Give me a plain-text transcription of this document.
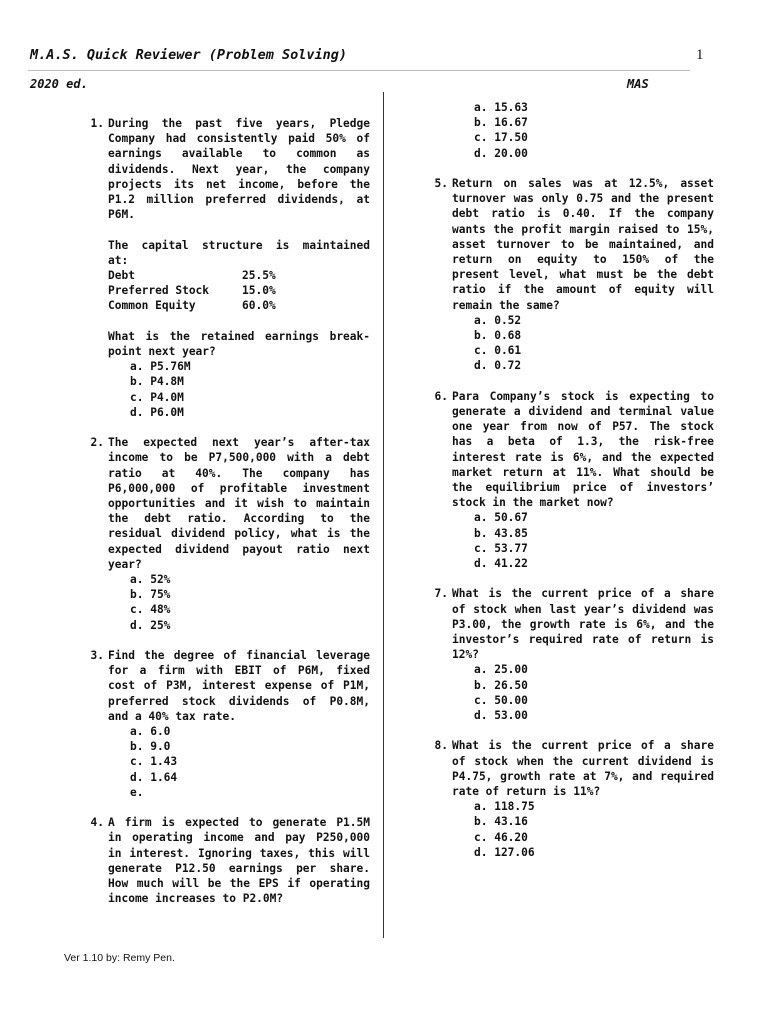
M.A.S. Quick Reviewer (Problem Solving)	1
2020 ed.	MAS
1. During the past five years, Pledge Company had consistently paid 50% of earnings available to common as dividends. Next year, the company projects its net income, before the P1.2 million preferred dividends, at P6M.
The capital structure is maintained at:
Debt	25.5%
Preferred Stock	15.0%
Common Equity	60.0%
What is the retained earnings break-point next year?
a. P5.76M
b. P4.8M
c. P4.0M
d. P6.0M
2. The expected next year’s after-tax income to be P7,500,000 with a debt ratio at 40%. The company has P6,000,000 of profitable investment opportunities and it wish to maintain the debt ratio. According to the residual dividend policy, what is the expected dividend payout ratio next year?
a. 52%
b. 75%
c. 48%
d. 25%
3. Find the degree of financial leverage for a firm with EBIT of P6M, fixed cost of P3M, interest expense of P1M, preferred stock dividends of P0.8M, and a 40% tax rate.
a. 6.0
b. 9.0
c. 1.43
d. 1.64
e.
4. A firm is expected to generate P1.5M in operating income and pay P250,000 in interest. Ignoring taxes, this will generate P12.50 earnings per share. How much will be the EPS if operating income increases to P2.0M?
a. 15.63
b. 16.67
c. 17.50
d. 20.00
5. Return on sales was at 12.5%, asset turnover was only 0.75 and the present debt ratio is 0.40. If the company wants the profit margin raised to 15%, asset turnover to be maintained, and return on equity to 150% of the present level, what must be the debt ratio if the amount of equity will remain the same?
a. 0.52
b. 0.68
c. 0.61
d. 0.72
6. Para Company’s stock is expecting to generate a dividend and terminal value one year from now of P57. The stock has a beta of 1.3, the risk-free interest rate is 6%, and the expected market return at 11%. What should be the equilibrium price of investors’ stock in the market now?
a. 50.67
b. 43.85
c. 53.77
d. 41.22
7. What is the current price of a share of stock when last year’s dividend was P3.00, the growth rate is 6%, and the investor’s required rate of return is 12%?
a. 25.00
b. 26.50
c. 50.00
d. 53.00
8. What is the current price of a share of stock when the current dividend is P4.75, growth rate at 7%, and required rate of return is 11%?
a. 118.75
b. 43.16
c. 46.20
d. 127.06
Ver 1.10 by: Remy Pen.
